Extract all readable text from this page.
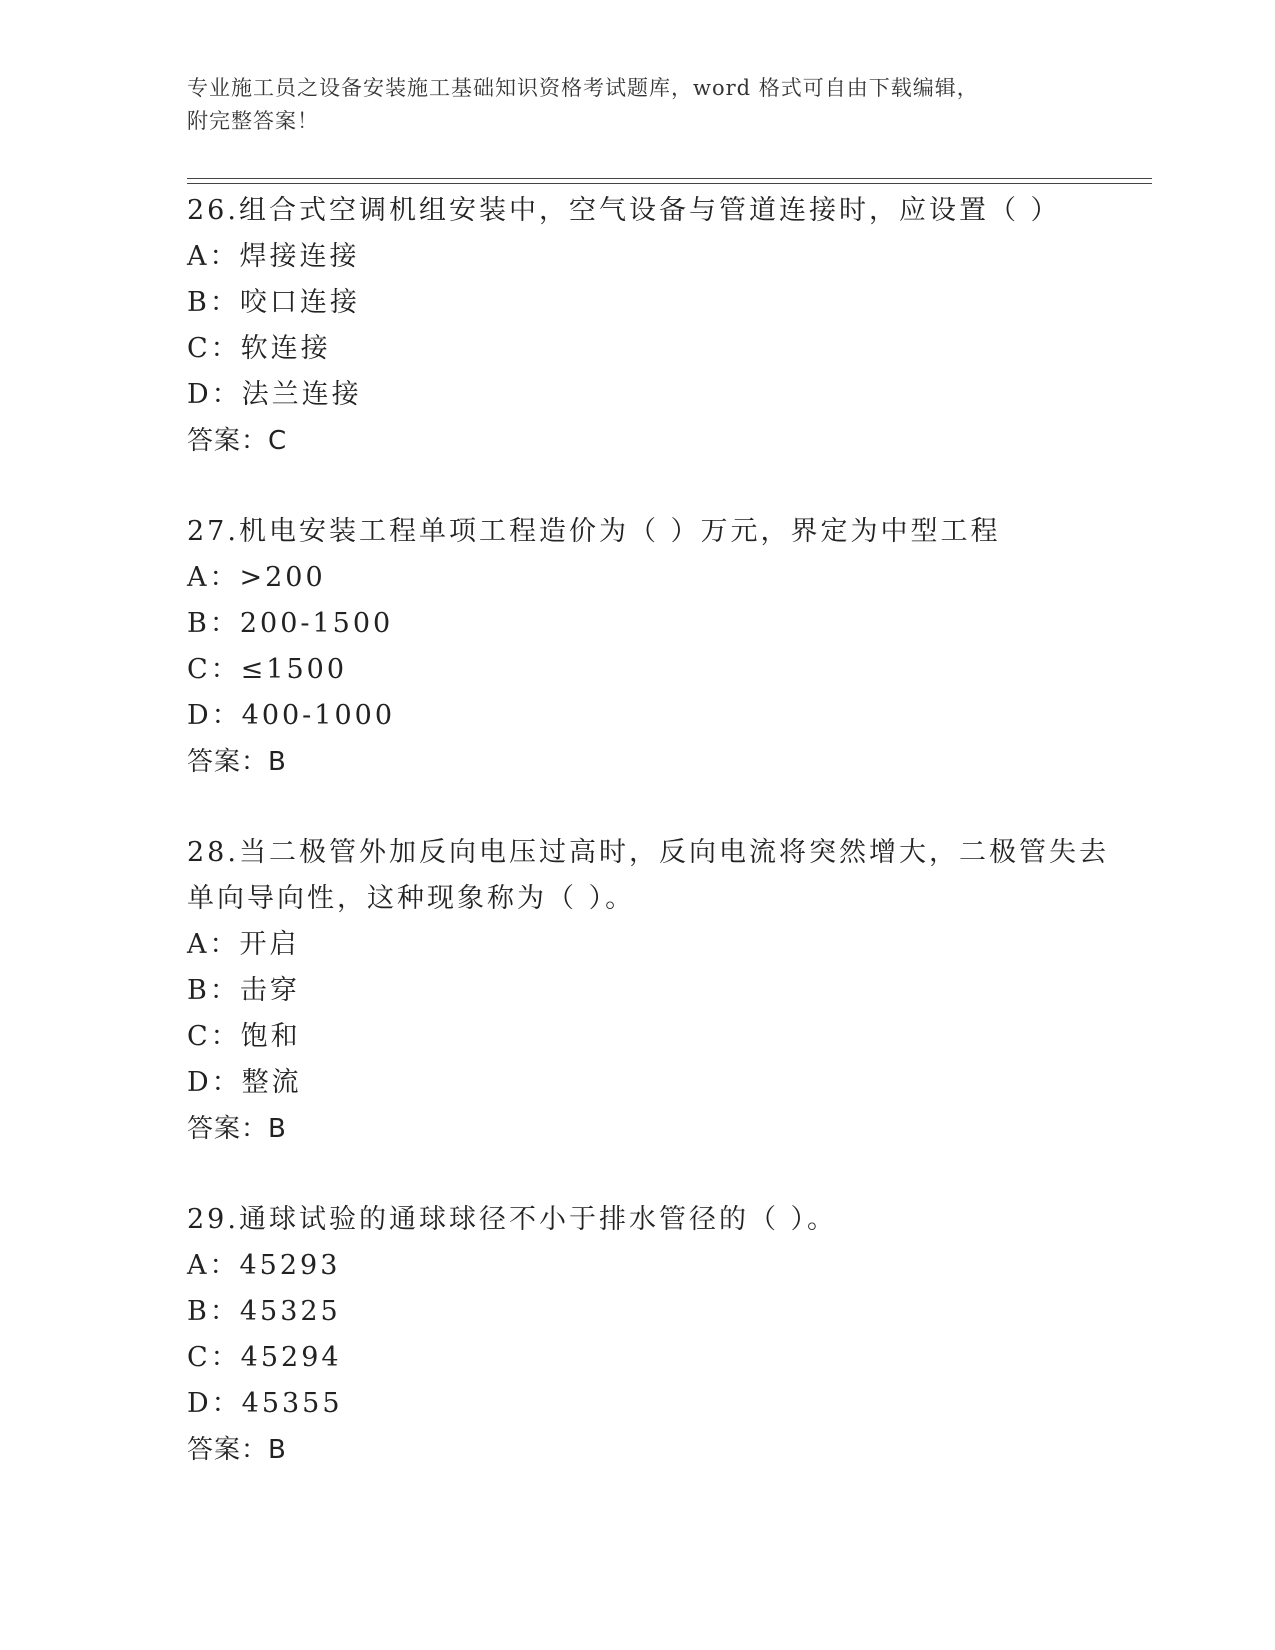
专业施工员之设备安装施工基础知识资格考试题库，word 格式可自由下载编辑，
附完整答案！
26.组合式空调机组安装中，空气设备与管道连接时，应设置（ ）
A：焊接连接
B：咬口连接
C：软连接
D：法兰连接
答案：C
27.机电安装工程单项工程造价为（ ）万元，界定为中型工程
A：>200
B：200-1500
C：≤1500
D：400-1000
答案：B
28.当二极管外加反向电压过高时，反向电流将突然增大，二极管失去
单向导向性，这种现象称为（ ）。
A：开启
B：击穿
C：饱和
D：整流
答案：B
29.通球试验的通球球径不小于排水管径的（ ）。
A：45293
B：45325
C：45294
D：45355
答案：B
